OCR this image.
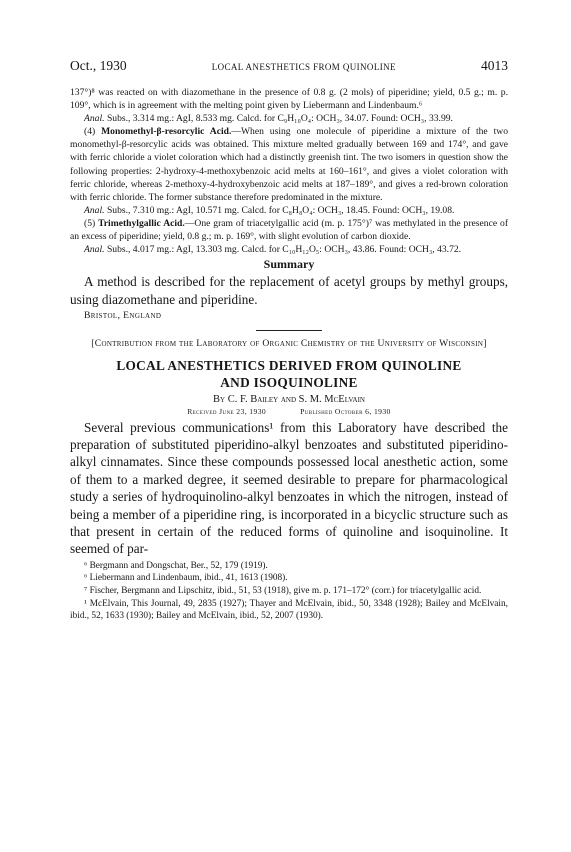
Oct., 1930	LOCAL ANESTHETICS FROM QUINOLINE	4013

137°)⁸ was reacted on with diazomethane in the presence of 0.8 g. (2 mols) of piperidine; yield, 0.5 g.; m. p. 109°, which is in agreement with the melting point given by Liebermann and Lindenbaum.⁶

Anal. Subs., 3.314 mg.: AgI, 8.533 mg. Calcd. for C₉H₁₀O₄: OCH₃, 34.07. Found: OCH₃, 33.99.

(4) Monomethyl-β-resorcylic Acid.—When using one molecule of piperidine a mixture of the two monomethyl-β-resorcylic acids was obtained. This mixture melted gradually between 169 and 174°, and gave with ferric chloride a violet coloration which had a distinctly greenish tint. The two isomers in question show the following properties: 2-hydroxy-4-methoxybenzoic acid melts at 160–161°, and gives a violet coloration with ferric chloride, whereas 2-methoxy-4-hydroxybenzoic acid melts at 187–189°, and gives a red-brown coloration with ferric chloride. The former substance therefore predominated in the mixture.

Anal. Subs., 7.310 mg.: AgI, 10.571 mg. Calcd. for C₈H₈O₄: OCH₃, 18.45. Found: OCH₃, 19.08.

(5) Trimethylgallic Acid.—One gram of triacetylgallic acid (m. p. 175°)⁷ was methylated in the presence of an excess of piperidine; yield, 0.8 g.; m. p. 169°, with slight evolution of carbon dioxide.

Anal. Subs., 4.017 mg.: AgI, 13.303 mg. Calcd. for C₁₀H₁₂O₅: OCH₃, 43.86. Found: OCH₃, 43.72.

Summary

A method is described for the replacement of acetyl groups by methyl groups, using diazomethane and piperidine.

Bristol, England
[Contribution from the Laboratory of Organic Chemistry of the University of Wisconsin]
LOCAL ANESTHETICS DERIVED FROM QUINOLINE
AND ISOQUINOLINE
By C. F. Bailey and S. M. McElvain
Received June 23, 1930	Published October 6, 1930

Several previous communications¹ from this Laboratory have described the preparation of substituted piperidino-alkyl benzoates and substituted piperidino-alkyl cinnamates. Since these compounds possessed local anesthetic action, some of them to a marked degree, it seemed desirable to prepare for pharmacological study a series of hydroquinolino-alkyl benzoates in which the nitrogen, instead of being a member of a piperidine ring, is incorporated in a bicyclic structure such as that present in certain of the reduced forms of quinoline and isoquinoline. It seemed of par-

⁶ Bergmann and Dongschat, Ber., 52, 179 (1919).

⁶ Liebermann and Lindenbaum, ibid., 41, 1613 (1908).

⁷ Fischer, Bergmann and Lipschitz, ibid., 51, 53 (1918), give m. p. 171–172° (corr.) for triacetylgallic acid.

¹ McElvain, This Journal, 49, 2835 (1927); Thayer and McElvain, ibid., 50, 3348 (1928); Bailey and McElvain, ibid., 52, 1633 (1930); Bailey and McElvain, ibid., 52, 2007 (1930).
